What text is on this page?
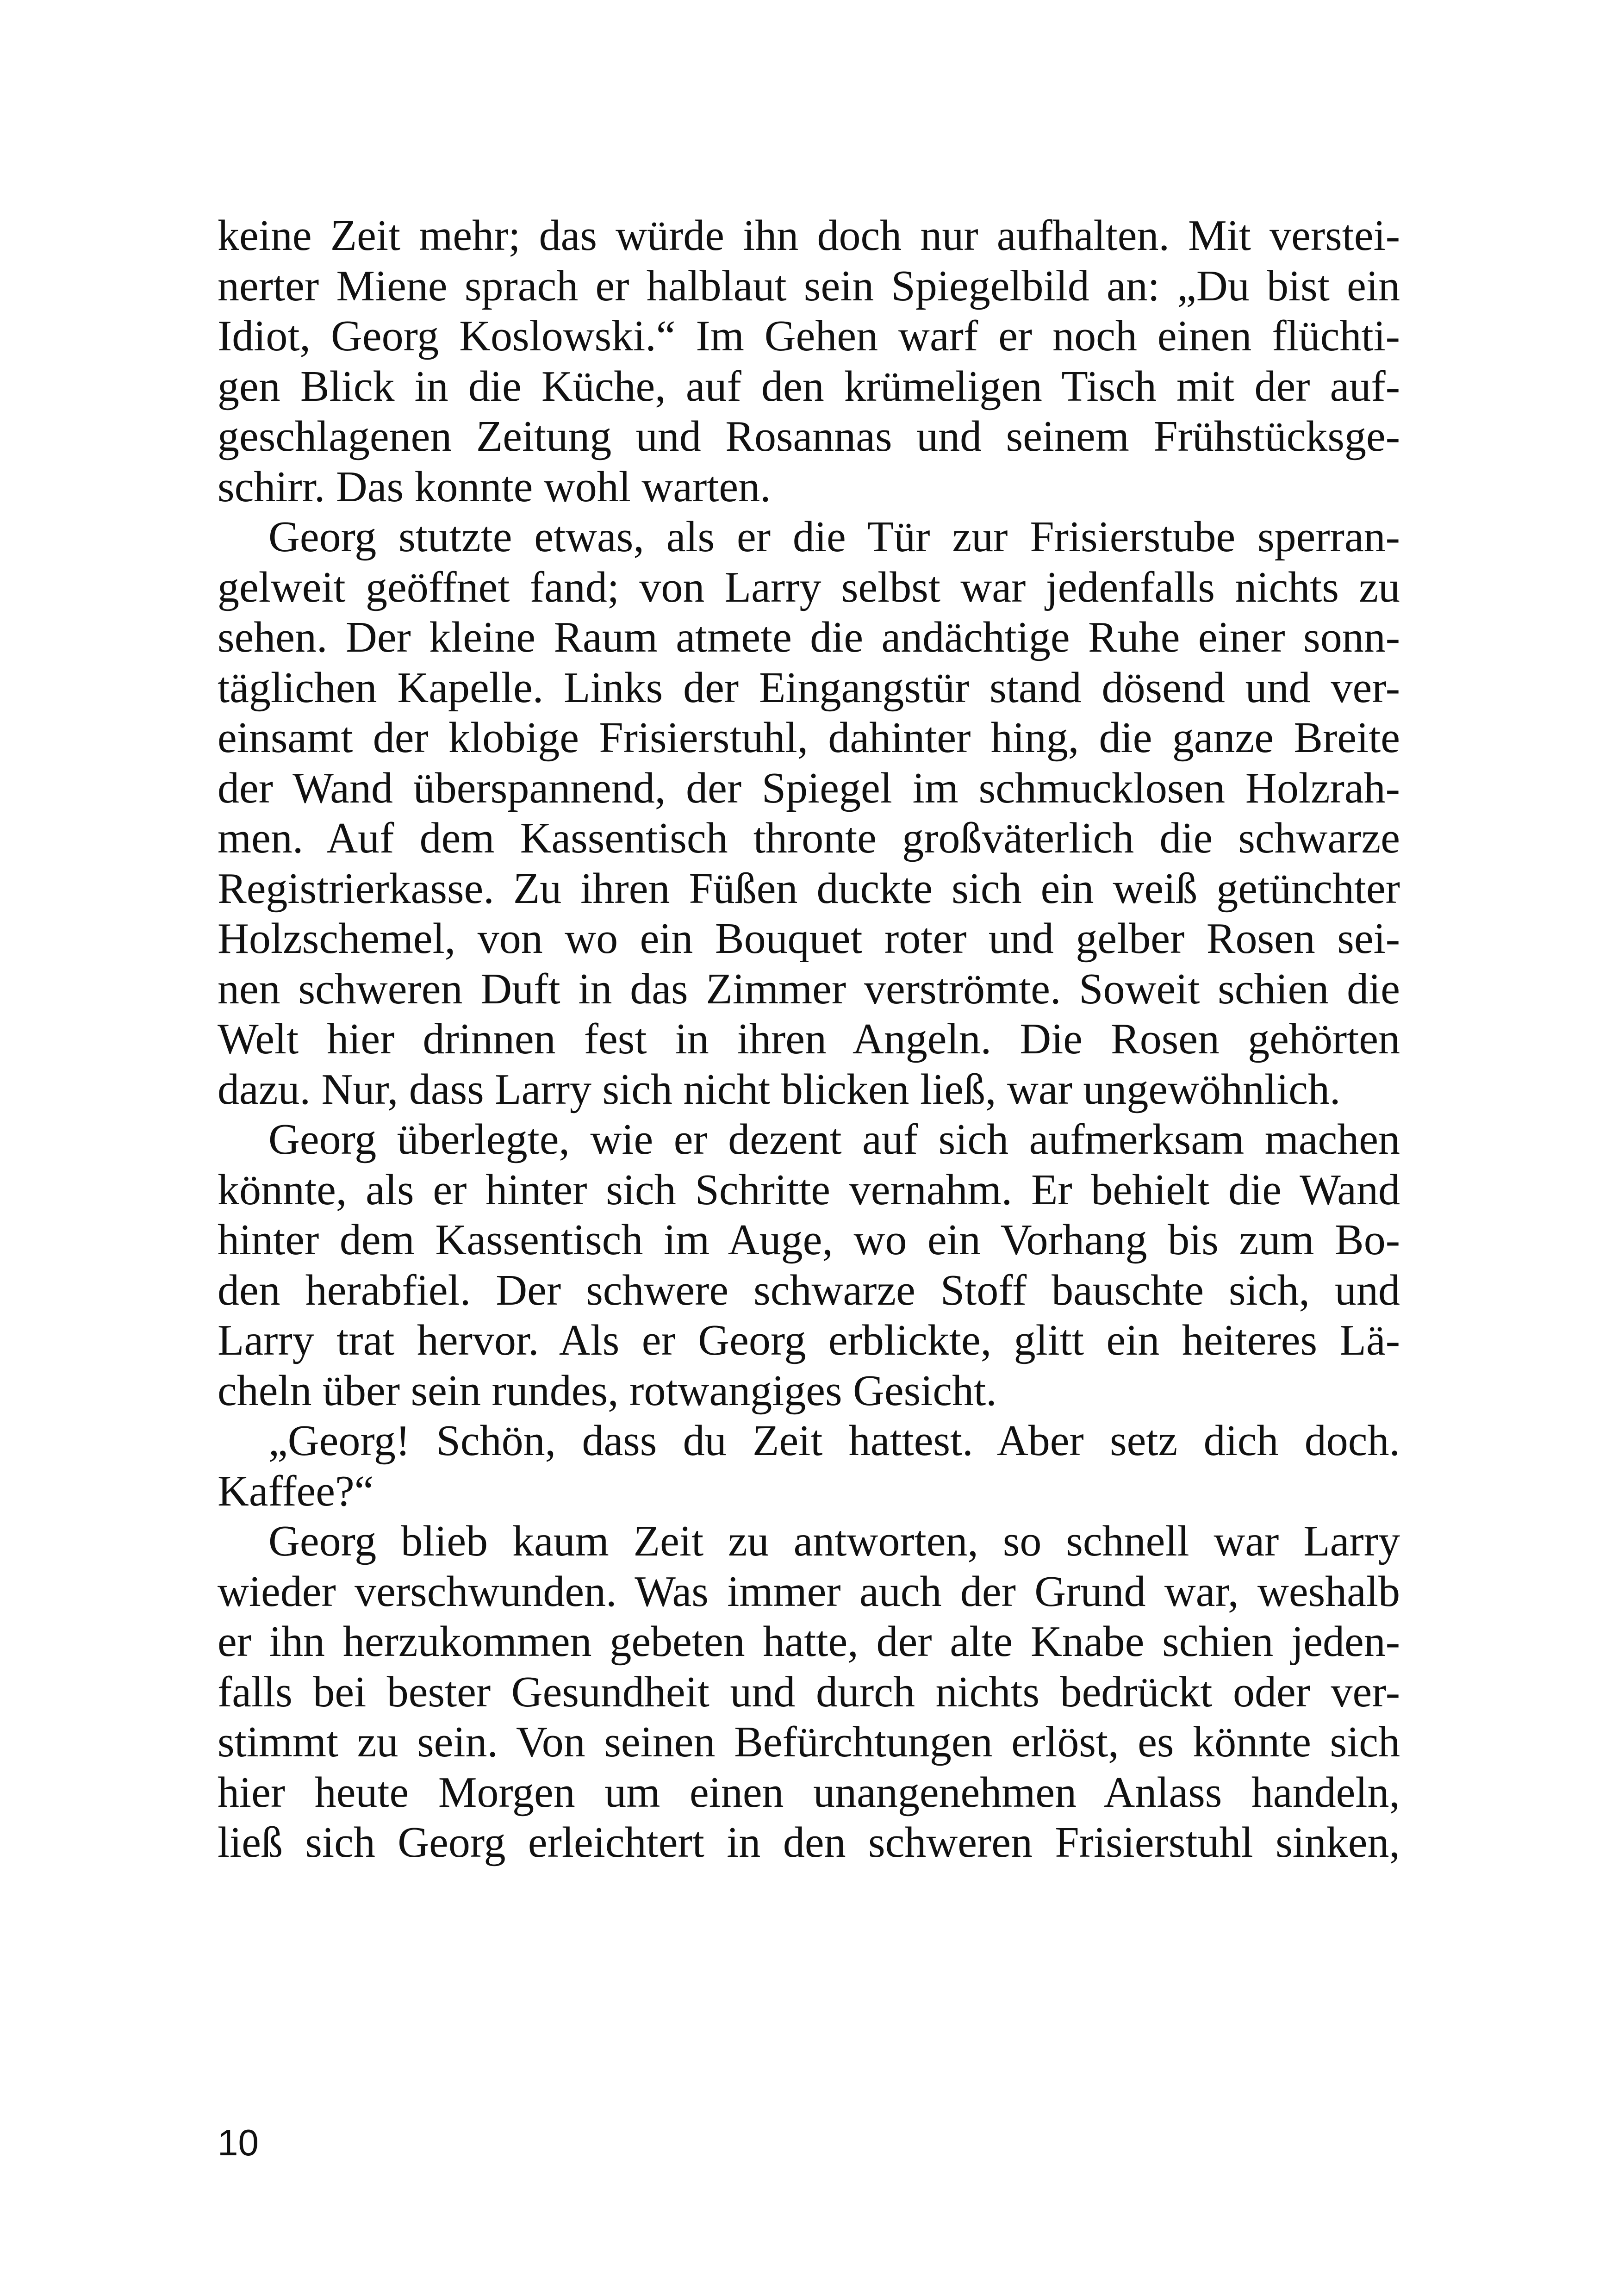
keine Zeit mehr; das würde ihn doch nur aufhalten. Mit verstei-
nerter Miene sprach er halblaut sein Spiegelbild an: „Du bist ein
Idiot, Georg Koslowski.“ Im Gehen warf er noch einen flüchti-
gen Blick in die Küche, auf den krümeligen Tisch mit der auf-
geschlagenen Zeitung und Rosannas und seinem Frühstücksge-
schirr. Das konnte wohl warten.
Georg stutzte etwas, als er die Tür zur Frisierstube sperran-
gelweit geöffnet fand; von Larry selbst war jedenfalls nichts zu
sehen. Der kleine Raum atmete die andächtige Ruhe einer sonn-
täglichen Kapelle. Links der Eingangstür stand dösend und ver-
einsamt der klobige Frisierstuhl, dahinter hing, die ganze Breite
der Wand überspannend, der Spiegel im schmucklosen Holzrah-
men. Auf dem Kassentisch thronte großväterlich die schwarze
Registrierkasse. Zu ihren Füßen duckte sich ein weiß getünchter
Holzschemel, von wo ein Bouquet roter und gelber Rosen sei-
nen schweren Duft in das Zimmer verströmte. Soweit schien die
Welt hier drinnen fest in ihren Angeln. Die Rosen gehörten
dazu. Nur, dass Larry sich nicht blicken ließ, war ungewöhnlich.
Georg überlegte, wie er dezent auf sich aufmerksam machen
könnte, als er hinter sich Schritte vernahm. Er behielt die Wand
hinter dem Kassentisch im Auge, wo ein Vorhang bis zum Bo-
den herabfiel. Der schwere schwarze Stoff bauschte sich, und
Larry trat hervor. Als er Georg erblickte, glitt ein heiteres Lä-
cheln über sein rundes, rotwangiges Gesicht.
„Georg! Schön, dass du Zeit hattest. Aber setz dich doch.
Kaffee?“
Georg blieb kaum Zeit zu antworten, so schnell war Larry
wieder verschwunden. Was immer auch der Grund war, weshalb
er ihn herzukommen gebeten hatte, der alte Knabe schien jeden-
falls bei bester Gesundheit und durch nichts bedrückt oder ver-
stimmt zu sein. Von seinen Befürchtungen erlöst, es könnte sich
hier heute Morgen um einen unangenehmen Anlass handeln,
ließ sich Georg erleichtert in den schweren Frisierstuhl sinken,
10
